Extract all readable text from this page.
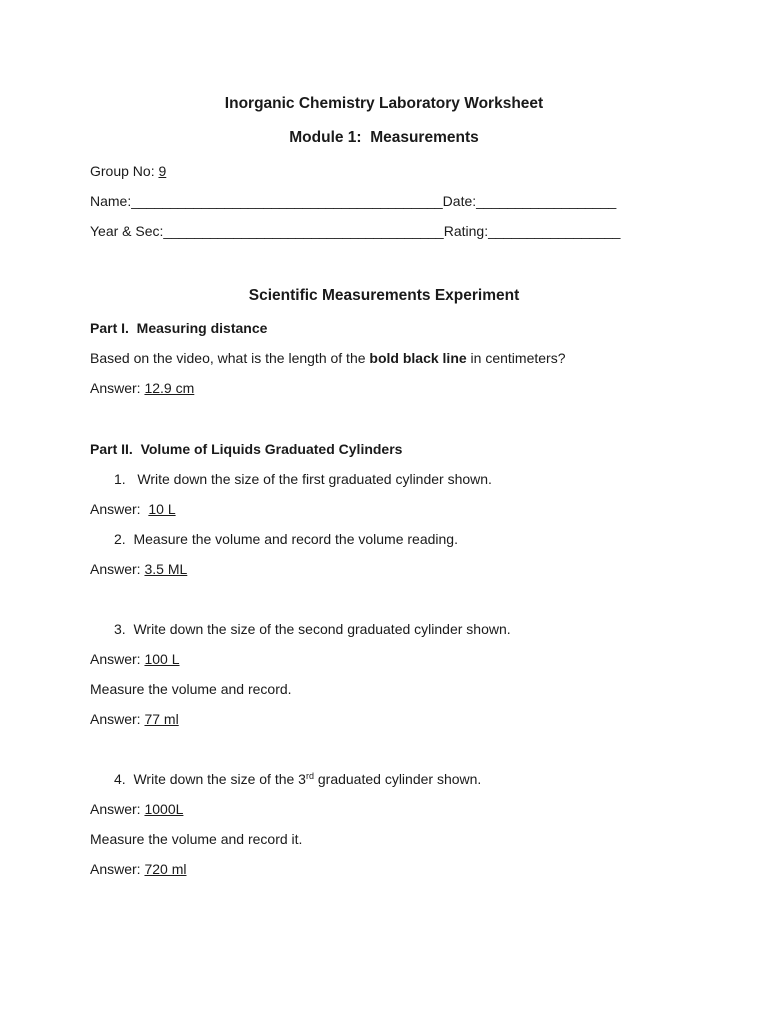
Inorganic Chemistry Laboratory Worksheet
Module 1:  Measurements
Group No: 9
Name:________________________________________Date:__________________
Year & Sec:____________________________________Rating:_________________
Scientific Measurements Experiment
Part I.  Measuring distance
Based on the video, what is the length of the bold black line in centimeters?
Answer: 12.9 cm
Part II.  Volume of Liquids Graduated Cylinders
1. Write down the size of the first graduated cylinder shown.
Answer:  10 L
2. Measure the volume and record the volume reading.
Answer: 3.5 ML
3. Write down the size of the second graduated cylinder shown.
Answer: 100 L
Measure the volume and record.
Answer: 77 ml
4. Write down the size of the 3rd graduated cylinder shown.
Answer: 1000L
Measure the volume and record it.
Answer: 720 ml
